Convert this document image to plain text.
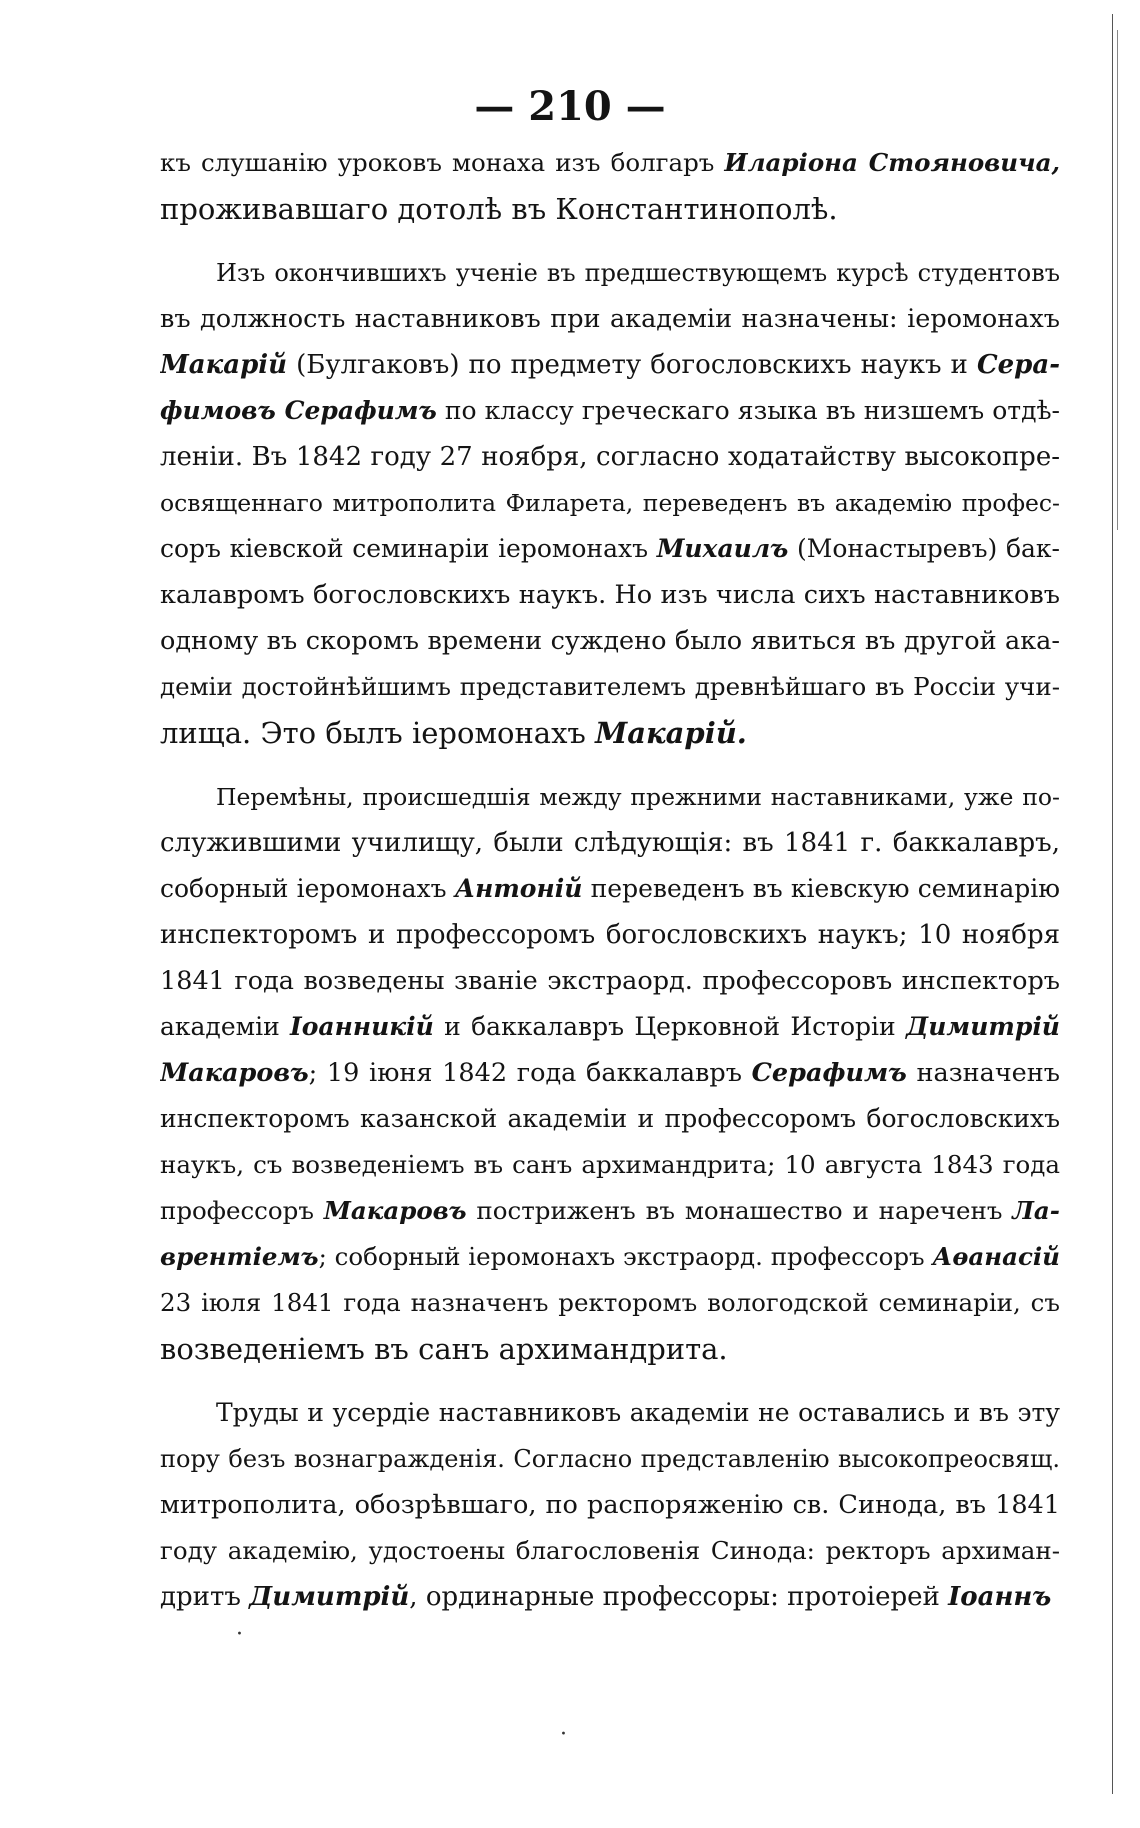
— 210 —
къ слушанію уроковъ монаха изъ болгаръ Иларіона Стояновича,
проживавшаго дотолѣ въ Константинополѣ.
Изъ окончившихъ ученіе въ предшествующемъ курсѣ студентовъ
въ должность наставниковъ при академіи назначены: іеромонахъ
Макарій (Булгаковъ) по предмету богословскихъ наукъ и Сера-
фимовъ Серафимъ по классу греческаго языка въ низшемъ отдѣ-
леніи. Въ 1842 году 27 ноября, согласно ходатайству высокопре-
освященнаго митрополита Филарета, переведенъ въ академію профес-
соръ кіевской семинаріи іеромонахъ Михаилъ (Монастыревъ) бак-
калавромъ богословскихъ наукъ. Но изъ числа сихъ наставниковъ
одному въ скоромъ времени суждено было явиться въ другой ака-
деміи достойнѣйшимъ представителемъ древнѣйшаго въ Россіи учи-
лища. Это былъ іеромонахъ Макарій.
Перемѣны, происшедшія между прежними наставниками, уже по-
служившими училищу, были слѣдующія: въ 1841 г. баккалавръ,
соборный іеромонахъ Антоній переведенъ въ кіевскую семинарію
инспекторомъ и профессоромъ богословскихъ наукъ; 10 ноября
1841 года возведены званіе экстраорд. профессоровъ инспекторъ
академіи Іоанникій и баккалавръ Церковной Исторіи Димитрій
Макаровъ; 19 іюня 1842 года баккалавръ Серафимъ назначенъ
инспекторомъ казанской академіи и профессоромъ богословскихъ
наукъ, съ возведеніемъ въ санъ архимандрита; 10 августа 1843 года
профессоръ Макаровъ постриженъ въ монашество и нареченъ Ла-
врентіемъ; соборный іеромонахъ экстраорд. профессоръ Аѳанасій
23 іюля 1841 года назначенъ ректоромъ вологодской семинаріи, съ
возведеніемъ въ санъ архимандрита.
Труды и усердіе наставниковъ академіи не оставались и въ эту
пору безъ вознагражденія. Согласно представленію высокопреосвящ.
митрополита, обозрѣвшаго, по распоряженію св. Синода, въ 1841
году академію, удостоены благословенія Синода: ректоръ архиман-
дритъ Димитрій, ординарные профессоры: протоіерей Іоаннъ
·
·
